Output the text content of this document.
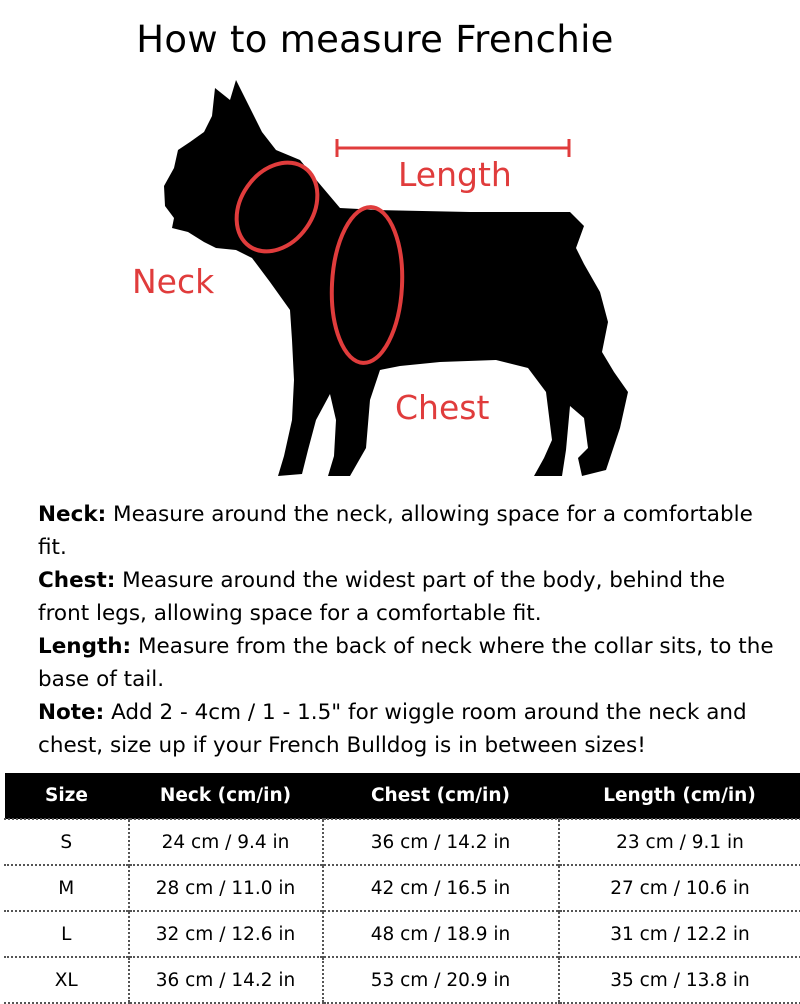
How to measure Frenchie
Length
Neck
Chest

Neck: Measure around the neck, allowing space for a comfortable fit.

Chest: Measure around the widest part of the body, behind the front legs, allowing space for a comfortable fit.

Length: Measure from the back of neck where the collar sits, to the base of tail.

Note: Add 2 - 4cm / 1 - 1.5" for wiggle room around the neck and chest, size up if your French Bulldog is in between sizes!

Size	Neck (cm/in)	Chest (cm/in)	Length (cm/in)
S	24 cm / 9.4 in	36 cm / 14.2 in	23 cm / 9.1 in
M	28 cm / 11.0 in	42 cm / 16.5 in	27 cm / 10.6 in
L	32 cm / 12.6 in	48 cm / 18.9 in	31 cm / 12.2 in
XL	36 cm / 14.2 in	53 cm / 20.9 in	35 cm / 13.8 in
